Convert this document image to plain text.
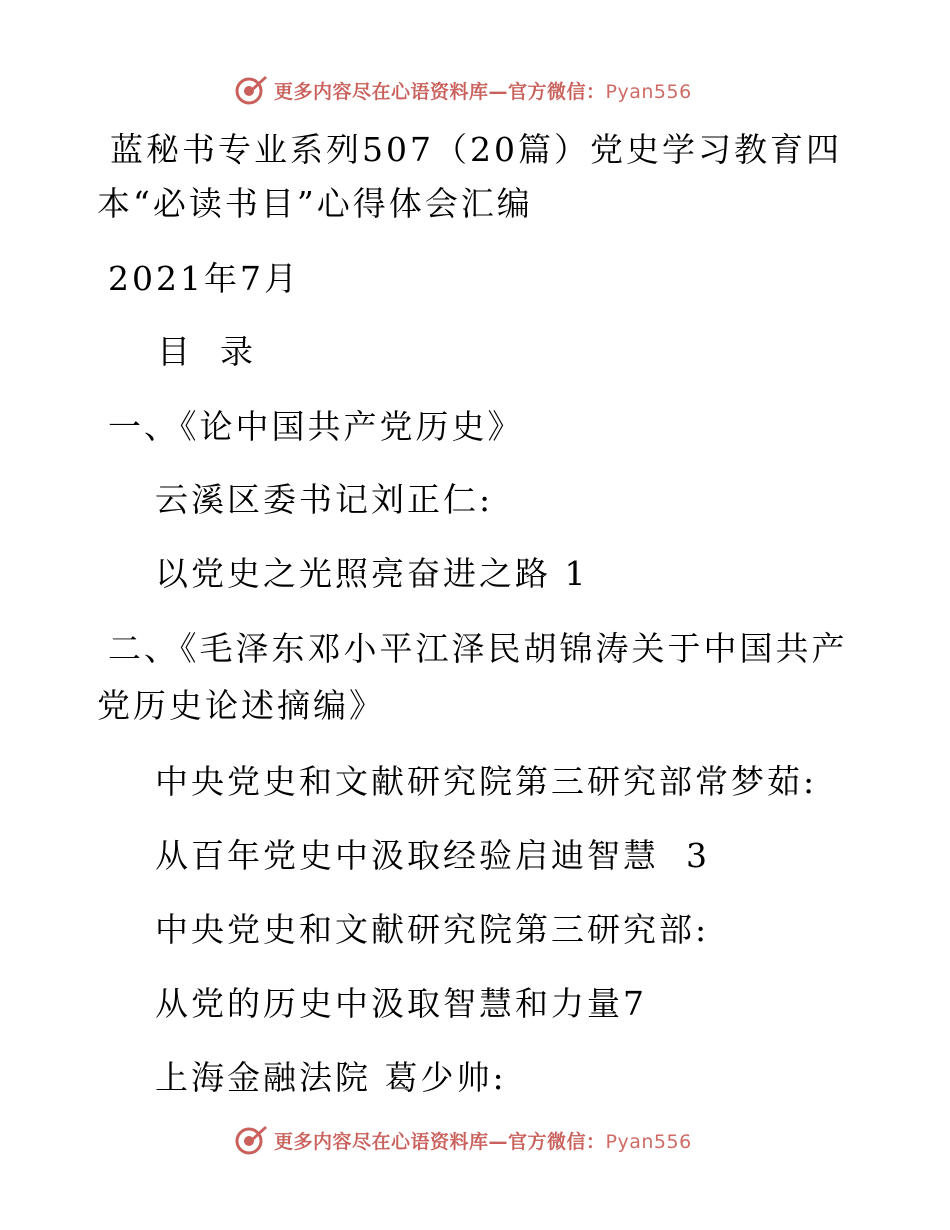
更多内容尽在心语资料库—官方微信：Pyan556
蓝秘书专业系列507（20篇）党史学习教育四
本“必读书目”心得体会汇编
2021年7月
目  录
一、《论中国共产党历史》
云溪区委书记刘正仁:
以党史之光照亮奋进之路 1
二、《毛泽东邓小平江泽民胡锦涛关于中国共产
党历史论述摘编》
中央党史和文献研究院第三研究部常梦茹:
从百年党史中汲取经验启迪智慧  3
中央党史和文献研究院第三研究部:
从党的历史中汲取智慧和力量7
上海金融法院 葛少帅:
更多内容尽在心语资料库—官方微信：Pyan556
